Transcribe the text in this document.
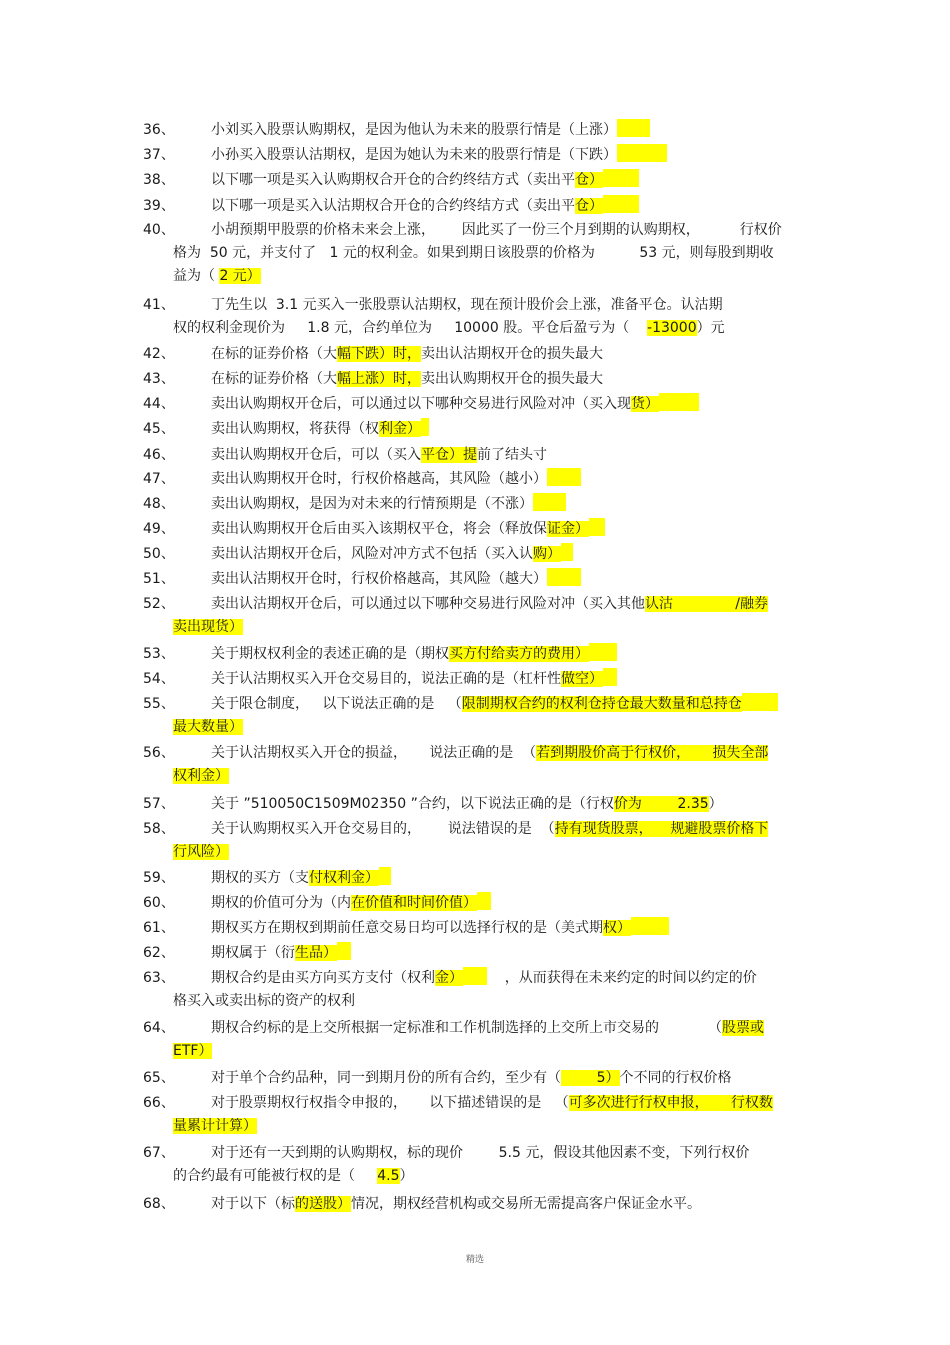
36、	小刘买入股票认购期权，是因为他认为未来的股票行情是（上涨）
37、	小孙买入股票认沽期权，是因为她认为未来的股票行情是（下跌）
38、	以下哪一项是买入认购期权合开仓的合约终结方式（卖出平仓）
39、	以下哪一项是买入认沽期权合开仓的合约终结方式（卖出平仓）
40、	小胡预期甲股票的价格未来会上涨，      因此买了一份三个月到期的认购期权，         行权价
格为  50 元，并支付了   1 元的权利金。如果到期日该股票的价格为          53 元，则每股到期收
益为（ 2 元）
41、	丁先生以  3.1 元买入一张股票认沽期权，现在预计股价会上涨，准备平仓。认沽期
权的权利金现价为     1.8 元，合约单位为     10000 股。平仓后盈亏为（    -13000）元
42、	在标的证券价格（大幅下跌）时，卖出认沽期权开仓的损失最大
43、	在标的证券价格（大幅上涨）时，卖出认购期权开仓的损失最大
44、	卖出认购期权开仓后，可以通过以下哪种交易进行风险对冲（买入现货）
45、	卖出认购期权，将获得（权利金）
46、	卖出认购期权开仓后，可以（买入平仓）提前了结头寸
47、	卖出认购期权开仓时，行权价格越高，其风险（越小）
48、	卖出认购期权，是因为对未来的行情预期是（不涨）
49、	卖出认购期权开仓后由买入该期权平仓，将会（释放保证金）
50、	卖出认沽期权开仓后，风险对冲方式不包括（买入认购）
51、	卖出认沽期权开仓时，行权价格越高，其风险（越大）
52、	卖出认沽期权开仓后，可以通过以下哪种交易进行风险对冲（买入其他认沽              /融券
卖出现货）
53、	关于期权权利金的表述正确的是（期权买方付给卖方的费用）
54、	关于认沽期权买入开仓交易目的，说法正确的是（杠杆性做空）
55、	关于限仓制度，   以下说法正确的是   （限制期权合约的权利仓持仓最大数量和总持仓
最大数量）
56、	关于认沽期权买入开仓的损益，     说法正确的是  （若到期股价高于行权价，     损失全部
权利金）
57、	关于 ”510050C1509M02350 ”合约，以下说法正确的是（行权价为        2.35）
58、	关于认购期权买入开仓交易目的，      说法错误的是  （持有现货股票，    规避股票价格下
行风险）
59、	期权的买方（支付权利金）
60、	期权的价值可分为（内在价值和时间价值）
61、	期权买方在期权到期前任意交易日均可以选择行权的是（美式期权）
62、	期权属于（衍生品）
63、	期权合约是由买方向买方支付（权利金）    ，从而获得在未来约定的时间以约定的价
格买入或卖出标的资产的权利
64、	期权合约标的是上交所根据一定标准和工作机制选择的上交所上市交易的           （股票或
ETF）
65、	对于单个合约品种，同一到期月份的所有合约，至少有（        5）个不同的行权价格
66、	对于股票期权行权指令申报的，     以下描述错误的是   （可多次进行行权申报，     行权数
量累计计算）
67、	对于还有一天到期的认购期权，标的现价        5.5 元，假设其他因素不变，下列行权价
的合约最有可能被行权的是（     4.5）
68、	对于以下（标的送股）情况，期权经营机构或交易所无需提高客户保证金水平。
精选
